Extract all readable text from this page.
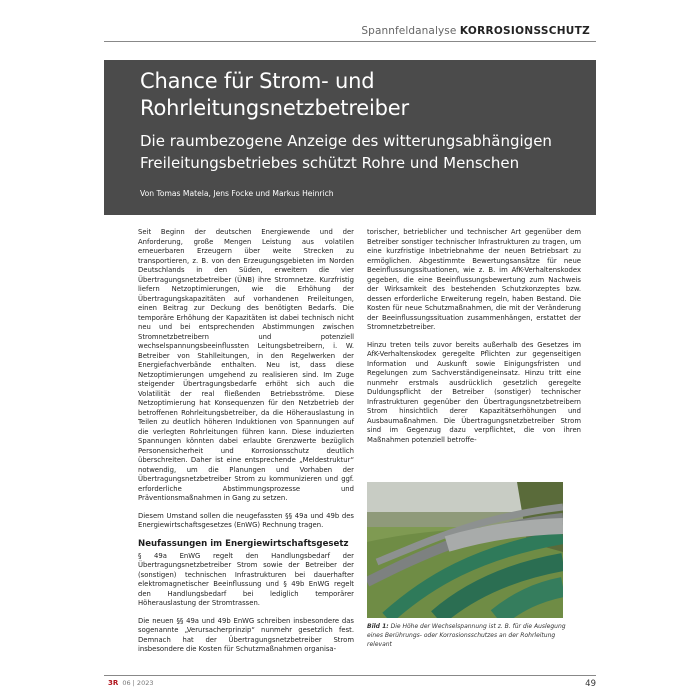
Spannfeldanalyse KORROSIONSSCHUTZ
Chance für Strom- und
Rohrleitungsnetzbetreiber
Die raumbezogene Anzeige des witterungsabhängigen
Freileitungsbetriebes schützt Rohre und Menschen
Von Tomas Matela, Jens Focke und Markus Heinrich

Seit Beginn der deutschen Energiewende und der Anforderung, große Mengen Leistung aus volatilen erneuerbaren Erzeugern über weite Strecken zu transportieren, z. B. von den Erzeugungsgebieten im Norden Deutschlands in den Süden, erweitern die vier Übertragungsnetzbetreiber (ÜNB) ihre Stromnetze. Kurzfristig liefern Netzoptimierungen, wie die Erhöhung der Übertragungskapazitäten auf vorhandenen Freileitungen, einen Beitrag zur Deckung des benötigten Bedarfs. Die temporäre Erhöhung der Kapazitäten ist dabei technisch nicht neu und bei entsprechenden Abstimmungen zwischen Stromnetzbetreibern und potenziell wechselspannungsbeeinflussten Leitungsbetreibern, i. W. Betreiber von Stahlleitungen, in den Regelwerken der Energiefachverbände enthalten. Neu ist, dass diese Netzoptimierungen umgehend zu realisieren sind. Im Zuge steigender Übertragungsbedarfe erhöht sich auch die Volatilität der real fließenden Betriebsströme. Diese Netzoptimierung hat Konsequenzen für den Netzbetrieb der betroffenen Rohrleitungsbetreiber, da die Höherauslastung in Teilen zu deutlich höheren Induktionen von Spannungen auf die verlegten Rohrleitungen führen kann. Diese induzierten Spannungen könnten dabei erlaubte Grenzwerte bezüglich Personensicherheit und Korrosionsschutz deutlich überschreiten. Daher ist eine entsprechende „Meldestruktur“ notwendig, um die Planungen und Vorhaben der Übertragungsnetzbetreiber Strom zu kommunizieren und ggf. erforderliche Abstimmungsprozesse und Präventionsmaßnahmen in Gang zu setzen.

Diesem Umstand sollen die neugefassten §§ 49a und 49b des Energiewirtschaftsgesetzes (EnWG) Rechnung tragen.

Neufassungen im Energiewirtschaftsgesetz

§ 49a EnWG regelt den Handlungsbedarf der Übertragungsnetzbetreiber Strom sowie der Betreiber der (sonstigen) technischen Infrastrukturen bei dauerhafter elektromagnetischer Beeinflussung und § 49b EnWG regelt den Handlungsbedarf bei lediglich temporärer Höherauslastung der Stromtrassen.

Die neuen §§ 49a und 49b EnWG schreiben insbesondere das sogenannte „Verursacherprinzip“ nunmehr gesetzlich fest. Demnach hat der Übertragungsnetzbetreiber Strom insbesondere die Kosten für Schutzmaßnahmen organisa-

torischer, betrieblicher und technischer Art gegenüber dem Betreiber sonstiger technischer Infrastrukturen zu tragen, um eine kurzfristige Inbetriebnahme der neuen Betriebsart zu ermöglichen. Abgestimmte Bewertungsansätze für neue Beeinflussungssituationen, wie z. B. im AfK-Verhaltenskodex gegeben, die eine Beeinflussungsbewertung zum Nachweis der Wirksamkeit des bestehenden Schutzkonzeptes bzw. dessen erforderliche Erweiterung regeln, haben Bestand. Die Kosten für neue Schutzmaßnahmen, die mit der Veränderung der Beeinflussungssituation zusammenhängen, erstattet der Stromnetzbetreiber.

Hinzu treten teils zuvor bereits außerhalb des Gesetzes im AfK-Verhaltenskodex geregelte Pflichten zur gegenseitigen Information und Auskunft sowie Einigungsfristen und Regelungen zum Sachverständigeneinsatz. Hinzu tritt eine nunmehr erstmals ausdrücklich gesetzlich geregelte Duldungspflicht der Betreiber (sonstiger) technischer Infrastrukturen gegenüber den Übertragungsnetzbetreibern Strom hinsichtlich derer Kapazitätserhöhungen und Ausbaumaßnahmen. Die Übertragungsnetzbetreiber Strom sind im Gegenzug dazu verpflichtet, die von ihren Maßnahmen potenziell betroffe-

Bild 1: Die Höhe der Wechselspannung ist z. B. für die Auslegung eines Berührungs- oder Korrosionsschutzes an der Rohrleitung relevant
3R 06 | 2023	49
